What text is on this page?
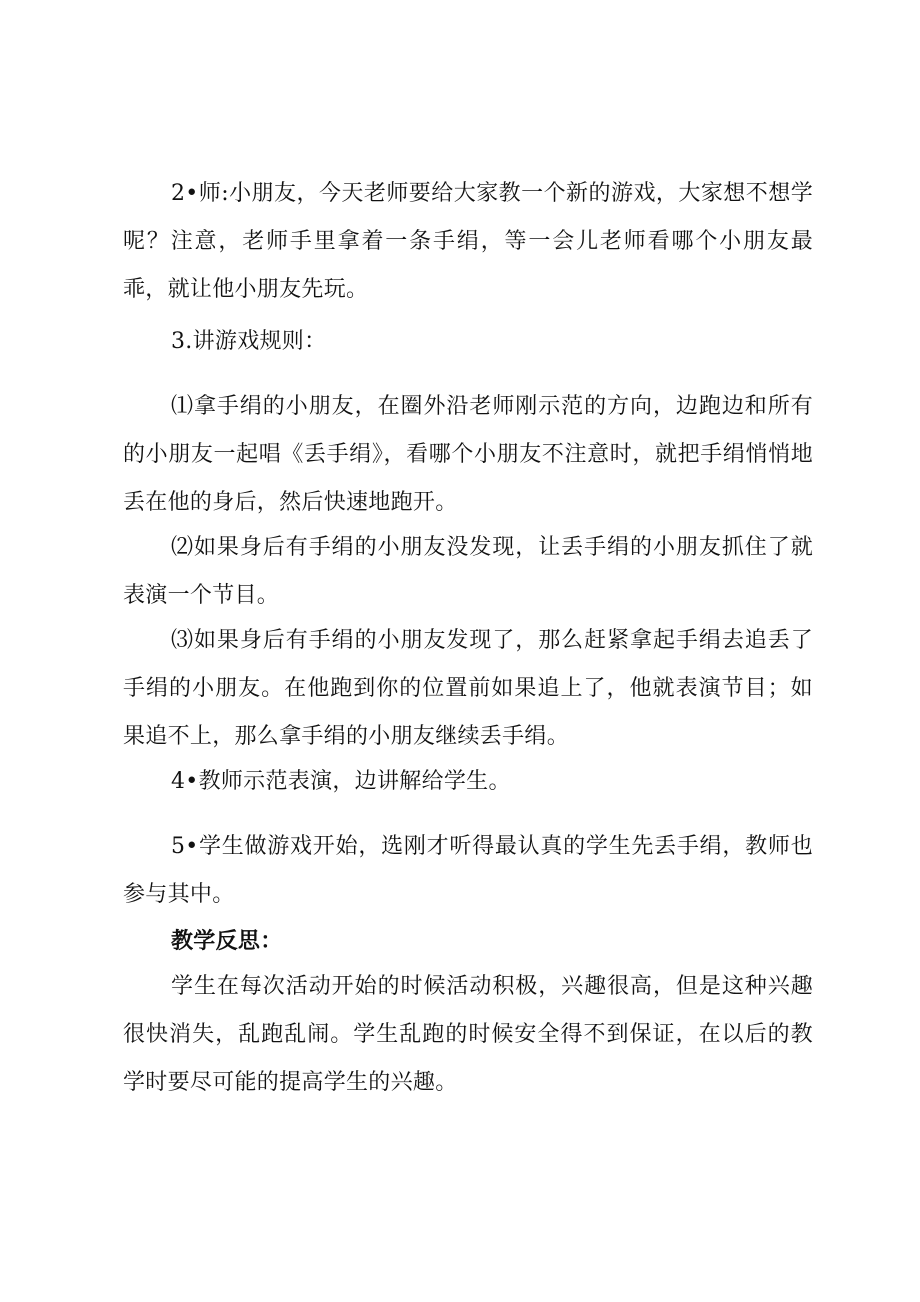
2•师:小朋友，今天老师要给大家教一个新的游戏，大家想不想学呢？注意，老师手里拿着一条手绢，等一会儿老师看哪个小朋友最乖，就让他小朋友先玩。

3.讲游戏规则：

⑴拿手绢的小朋友，在圈外沿老师刚示范的方向，边跑边和所有的小朋友一起唱《丢手绢》，看哪个小朋友不注意时，就把手绢悄悄地丢在他的身后，然后快速地跑开。

⑵如果身后有手绢的小朋友没发现，让丢手绢的小朋友抓住了就表演一个节目。

⑶如果身后有手绢的小朋友发现了，那么赶紧拿起手绢去追丢了手绢的小朋友。在他跑到你的位置前如果追上了，他就表演节目；如果追不上，那么拿手绢的小朋友继续丢手绢。

4•教师示范表演，边讲解给学生。

5•学生做游戏开始，选刚才听得最认真的学生先丢手绢，教师也参与其中。

教学反思：

学生在每次活动开始的时候活动积极，兴趣很高，但是这种兴趣很快消失，乱跑乱闹。学生乱跑的时候安全得不到保证，在以后的教学时要尽可能的提高学生的兴趣。
